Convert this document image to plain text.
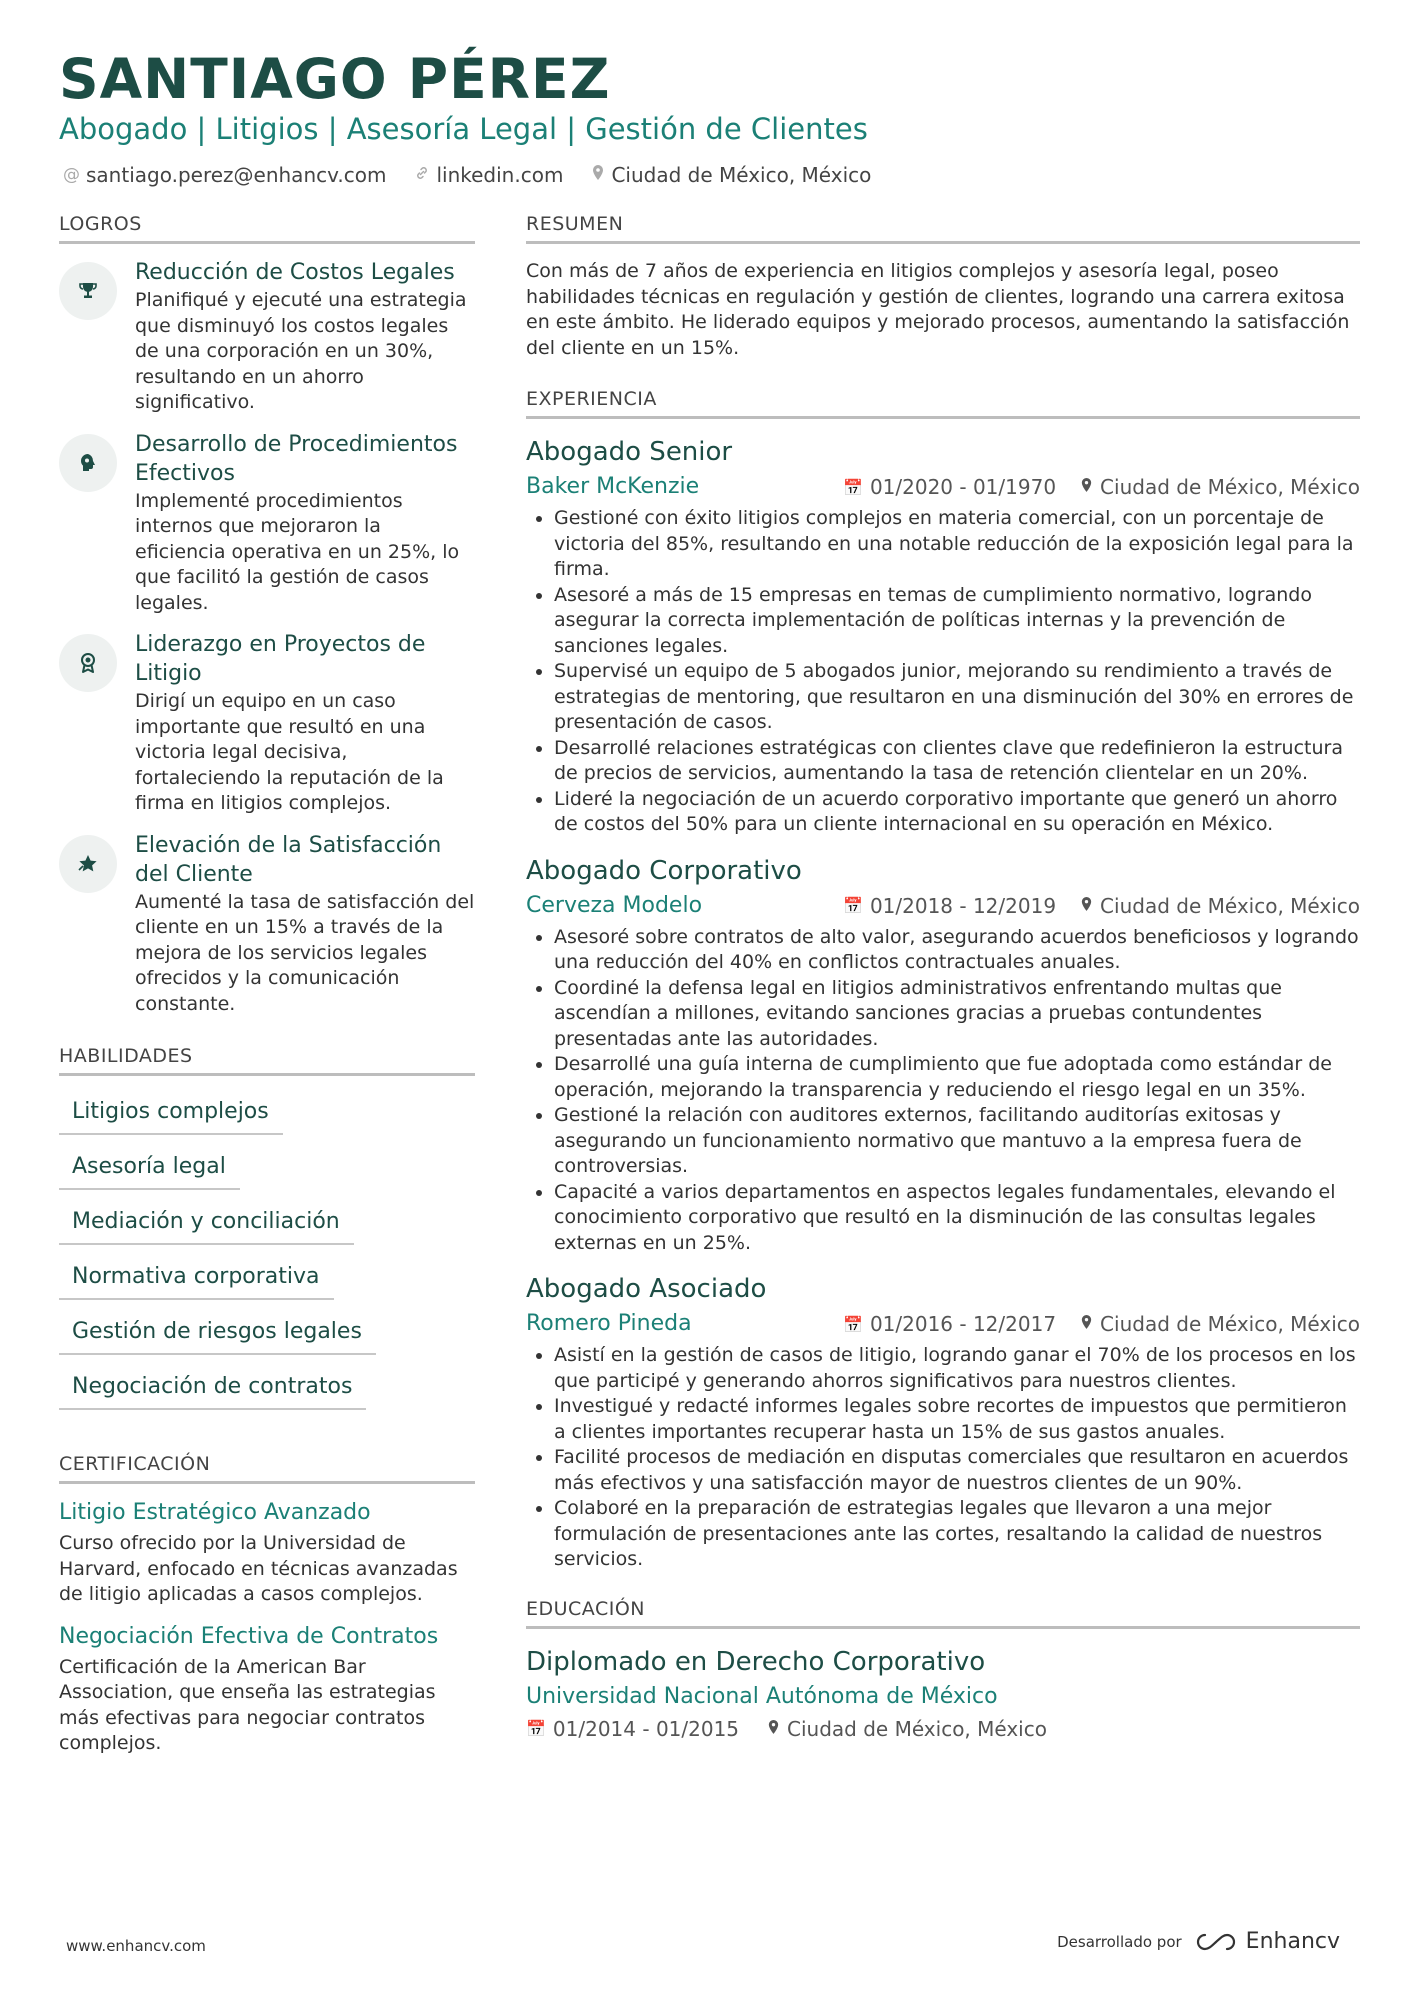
SANTIAGO PÉREZ
Abogado | Litigios | Asesoría Legal | Gestión de Clientes
@ santiago.perez@enhancv.com	linkedin.com Ciudad de México, México
LOGROS
Reducción de Costos Legales
Planifiqué y ejecuté una estrategia que disminuyó los costos legales de una corporación en un 30%, resultando en un ahorro significativo.
Desarrollo de Procedimientos Efectivos
Implementé procedimientos internos que mejoraron la eficiencia operativa en un 25%, lo que facilitó la gestión de casos legales.
Liderazgo en Proyectos de Litigio
Dirigí un equipo en un caso importante que resultó en una victoria legal decisiva, fortaleciendo la reputación de la firma en litigios complejos.
Elevación de la Satisfacción del Cliente
Aumenté la tasa de satisfacción del cliente en un 15% a través de la mejora de los servicios legales ofrecidos y la comunicación constante.
HABILIDADES
Litigios complejos
Asesoría legal
Mediación y conciliación
Normativa corporativa
Gestión de riesgos legales
Negociación de contratos
CERTIFICACIÓN
Litigio Estratégico Avanzado
Curso ofrecido por la Universidad de Harvard, enfocado en técnicas avanzadas de litigio aplicadas a casos complejos.
Negociación Efectiva de Contratos
Certificación de la American Bar Association, que enseña las estrategias más efectivas para negociar contratos complejos.
RESUMEN
Con más de 7 años de experiencia en litigios complejos y asesoría legal, poseo habilidades técnicas en regulación y gestión de clientes, logrando una carrera exitosa en este ámbito. He liderado equipos y mejorado procesos, aumentando la satisfacción del cliente en un 15%.
EXPERIENCIA
Abogado Senior
Baker McKenzie	📅 01/2020 - 01/1970 Ciudad de México, México
• Gestioné con éxito litigios complejos en materia comercial, con un porcentaje de victoria del 85%, resultando en una notable reducción de la exposición legal para la firma.
• Asesoré a más de 15 empresas en temas de cumplimiento normativo, logrando asegurar la correcta implementación de políticas internas y la prevención de sanciones legales.
• Supervisé un equipo de 5 abogados junior, mejorando su rendimiento a través de estrategias de mentoring, que resultaron en una disminución del 30% en errores de presentación de casos.
• Desarrollé relaciones estratégicas con clientes clave que redefinieron la estructura de precios de servicios, aumentando la tasa de retención clientelar en un 20%.
• Lideré la negociación de un acuerdo corporativo importante que generó un ahorro de costos del 50% para un cliente internacional en su operación en México.
Abogado Corporativo
Cerveza Modelo	📅 01/2018 - 12/2019 Ciudad de México, México
• Asesoré sobre contratos de alto valor, asegurando acuerdos beneficiosos y logrando una reducción del 40% en conflictos contractuales anuales.
• Coordiné la defensa legal en litigios administrativos enfrentando multas que ascendían a millones, evitando sanciones gracias a pruebas contundentes presentadas ante las autoridades.
• Desarrollé una guía interna de cumplimiento que fue adoptada como estándar de operación, mejorando la transparencia y reduciendo el riesgo legal en un 35%.
• Gestioné la relación con auditores externos, facilitando auditorías exitosas y asegurando un funcionamiento normativo que mantuvo a la empresa fuera de controversias.
• Capacité a varios departamentos en aspectos legales fundamentales, elevando el conocimiento corporativo que resultó en la disminución de las consultas legales externas en un 25%.
Abogado Asociado
Romero Pineda	📅 01/2016 - 12/2017 Ciudad de México, México
• Asistí en la gestión de casos de litigio, logrando ganar el 70% de los procesos en los que participé y generando ahorros significativos para nuestros clientes.
• Investigué y redacté informes legales sobre recortes de impuestos que permitieron a clientes importantes recuperar hasta un 15% de sus gastos anuales.
• Facilité procesos de mediación en disputas comerciales que resultaron en acuerdos más efectivos y una satisfacción mayor de nuestros clientes de un 90%.
• Colaboré en la preparación de estrategias legales que llevaron a una mejor formulación de presentaciones ante las cortes, resaltando la calidad de nuestros servicios.
EDUCACIÓN
Diplomado en Derecho Corporativo
Universidad Nacional Autónoma de México
📅 01/2014 - 01/2015 Ciudad de México, México
www.enhancv.com	Desarrollado por	Enhancv
